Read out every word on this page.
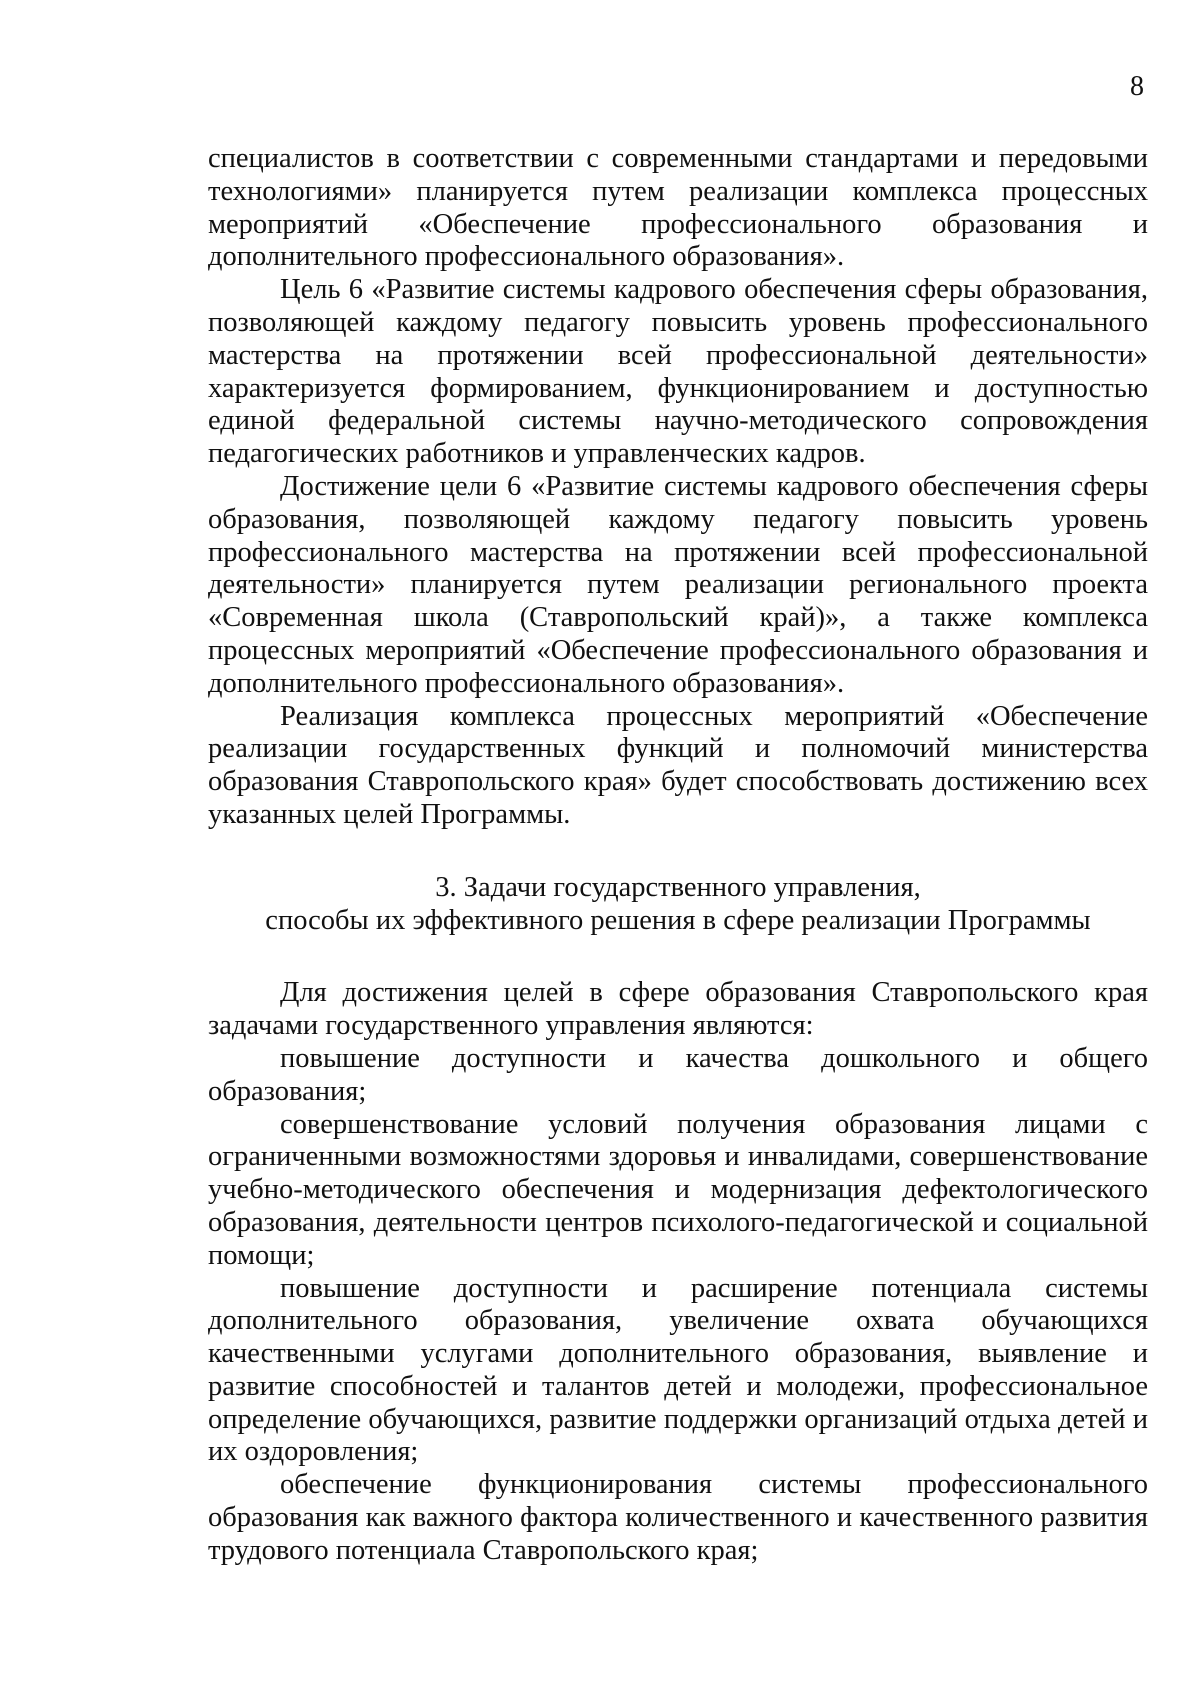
8

специалистов в соответствии с современными стандартами и передовыми технологиями» планируется путем реализации комплекса процессных мероприятий «Обеспечение профессионального образования и дополнительного профессионального образования».

Цель 6 «Развитие системы кадрового обеспечения сферы образования, позволяющей каждому педагогу повысить уровень профессионального мастерства на протяжении всей профессиональной деятельности» характеризуется формированием, функционированием и доступностью единой федеральной системы научно-методического сопровождения педагогических работников и управленческих кадров.

Достижение цели 6 «Развитие системы кадрового обеспечения сферы образования, позволяющей каждому педагогу повысить уровень профессионального мастерства на протяжении всей профессиональной деятельности» планируется путем реализации регионального проекта «Современная школа (Ставропольский край)», а также комплекса процессных мероприятий «Обеспечение профессионального образования и дополнительного профессионального образования».

Реализация комплекса процессных мероприятий «Обеспечение реализации государственных функций и полномочий министерства образования Ставропольского края» будет способствовать достижению всех указанных целей Программы.

3. Задачи государственного управления,
способы их эффективного решения в сфере реализации Программы

Для достижения целей в сфере образования Ставропольского края задачами государственного управления являются:

повышение доступности и качества дошкольного и общего образования;

совершенствование условий получения образования лицами с ограниченными возможностями здоровья и инвалидами, совершенствование учебно-методического обеспечения и модернизация дефектологического образования, деятельности центров психолого-педагогической и социальной помощи;

повышение доступности и расширение потенциала системы дополнительного образования, увеличение охвата обучающихся качественными услугами дополнительного образования, выявление и развитие способностей и талантов детей и молодежи, профессиональное определение обучающихся, развитие поддержки организаций отдыха детей и их оздоровления;

обеспечение функционирования системы профессионального образования как важного фактора количественного и качественного развития трудового потенциала Ставропольского края;
